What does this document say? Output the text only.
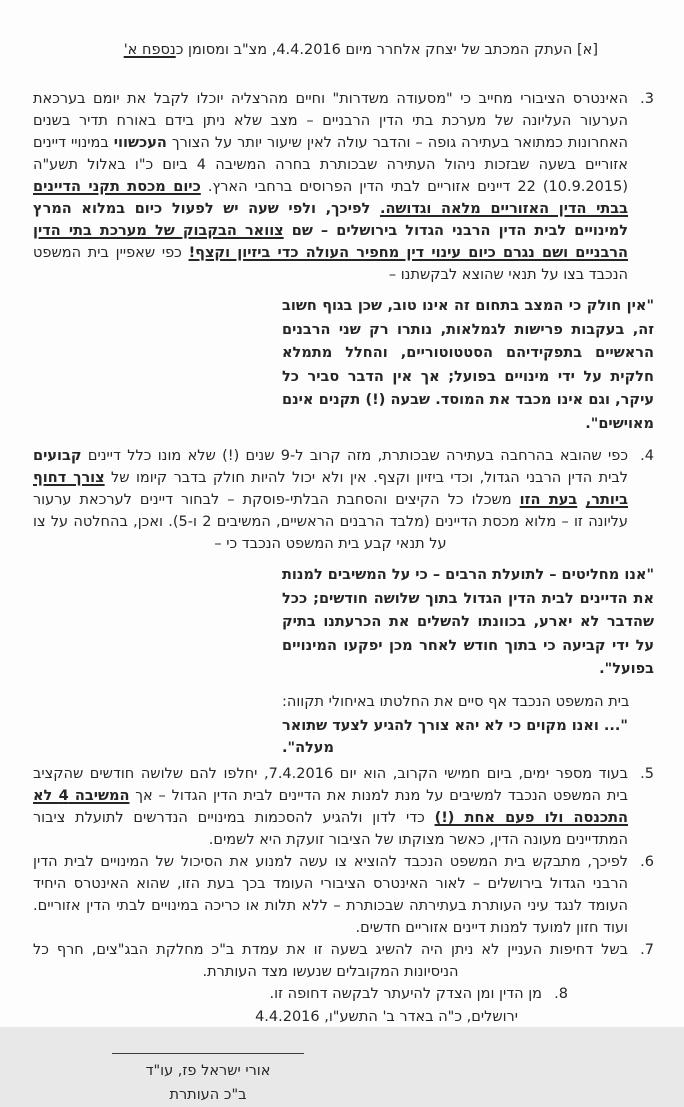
[א] העתק המכתב של יצחק אלחרר מיום 4.4.2016, מצ"ב ומסומן כנספח א'
3.
האינטרס הציבורי מחייב כי "מסעודה משדרות" וחיים מהרצליה יוכלו לקבל את יומם בערכאת הערעור העליונה של מערכת בתי הדין הרבניים – מצב שלא ניתן בידם באורח תדיר בשנים האחרונות כמתואר בעתירה גופה – והדבר עולה לאין שיעור יותר על הצורך העכשווי במינויי דיינים אזוריים בשעה שבזכות ניהול העתירה שבכותרת בחרה המשיבה 4 ביום כ"ו באלול תשע"ה (10.9.2015) 22 דיינים אזוריים לבתי הדין הפרוסים ברחבי הארץ. כיום מכסת תקני הדיינים בבתי הדין האזוריים מלאה וגדושה. לפיכך, ולפי שעה יש לפעול כיום במלוא המרץ למינויים לבית הדין הרבני הגדול בירושלים – שם צוואר הבקבוק של מערכת בתי הדין הרבניים ושם נגרם כיום עינוי דין מחפיר העולה כדי ביזיון וקצף! כפי שאפיין בית המשפט הנכבד בצו על תנאי שהוצא לבקשתנו –
"אין חולק כי המצב בתחום זה אינו טוב, שכן בגוף חשוב זה, בעקבות פרישות לגמלאות, נותרו רק שני הרבנים הראשיים בתפקידיהם הסטטוטוריים, והחלל מתמלא חלקית על ידי מינויים בפועל; אך אין הדבר סביר כל עיקר, וגם אינו מכבד את המוסד. שבעה (!) תקנים אינם מאוישים".
4.
כפי שהובא בהרחבה בעתירה שבכותרת, מזה קרוב ל-9 שנים (!) שלא מונו כלל דיינים קבועים לבית הדין הרבני הגדול, וכדי ביזיון וקצף. אין ולא יכול להיות חולק בדבר קיומו של צורך דחוף ביותר, בעת הזו משכלו כל הקיצים והסחבת הבלתי-פוסקת – לבחור דיינים לערכאת ערעור עליונה זו – מלוא מכסת הדיינים (מלבד הרבנים הראשיים, המשיבים 2 ו-5). ואכן, בהחלטה על צו על תנאי קבע בית המשפט הנכבד כי –
"אנו מחליטים – לתועלת הרבים – כי על המשיבים למנות את הדיינים לבית הדין הגדול בתוך שלושה חודשים; ככל שהדבר לא יארע, בכוונתו להשלים את הכרעתנו בתיק על ידי קביעה כי בתוך חודש לאחר מכן יפקעו המינויים בפועל".
בית המשפט הנכבד אף סיים את החלטתו באיחולי תקווה:
"... ואנו מקוים כי לא יהא צורך להגיע לצעד שתואר מעלה".
5.
בעוד מספר ימים, ביום חמישי הקרוב, הוא יום 7.4.2016, יחלפו להם שלושה חודשים שהקציב בית המשפט הנכבד למשיבים על מנת למנות את הדיינים לבית הדין הגדול – אך המשיבה 4 לא התכנסה ולו פעם אחת (!) כדי לדון ולהגיע להסכמות במינויים הנדרשים לתועלת ציבור המתדיינים מעונה הדין, כאשר מצוקתו של הציבור זועקת היא לשמים.
6.
לפיכך, מתבקש בית המשפט הנכבד להוציא צו עשה למנוע את הסיכול של המינויים לבית הדין הרבני הגדול בירושלים – לאור האינטרס הציבורי העומד בכך בעת הזו, שהוא האינטרס היחיד העומד לנגד עיני העותרת בעתירתה שבכותרת – ללא תלות או כריכה במינויים לבתי הדין אזוריים. ועוד חזון למועד למנות דיינים אזוריים חדשים.
7.
בשל דחיפות העניין לא ניתן היה להשיג בשעה זו את עמדת ב"כ מחלקת הבג"צים, חרף כל הניסיונות המקובלים שנעשו מצד העותרת.
8.
מן הדין ומן הצדק להיעתר לבקשה דחופה זו.
ירושלים, כ"ה באדר ב' התשע"ו, 4.4.2016
אורי ישראל פז, עו"ד
ב"כ העותרת
